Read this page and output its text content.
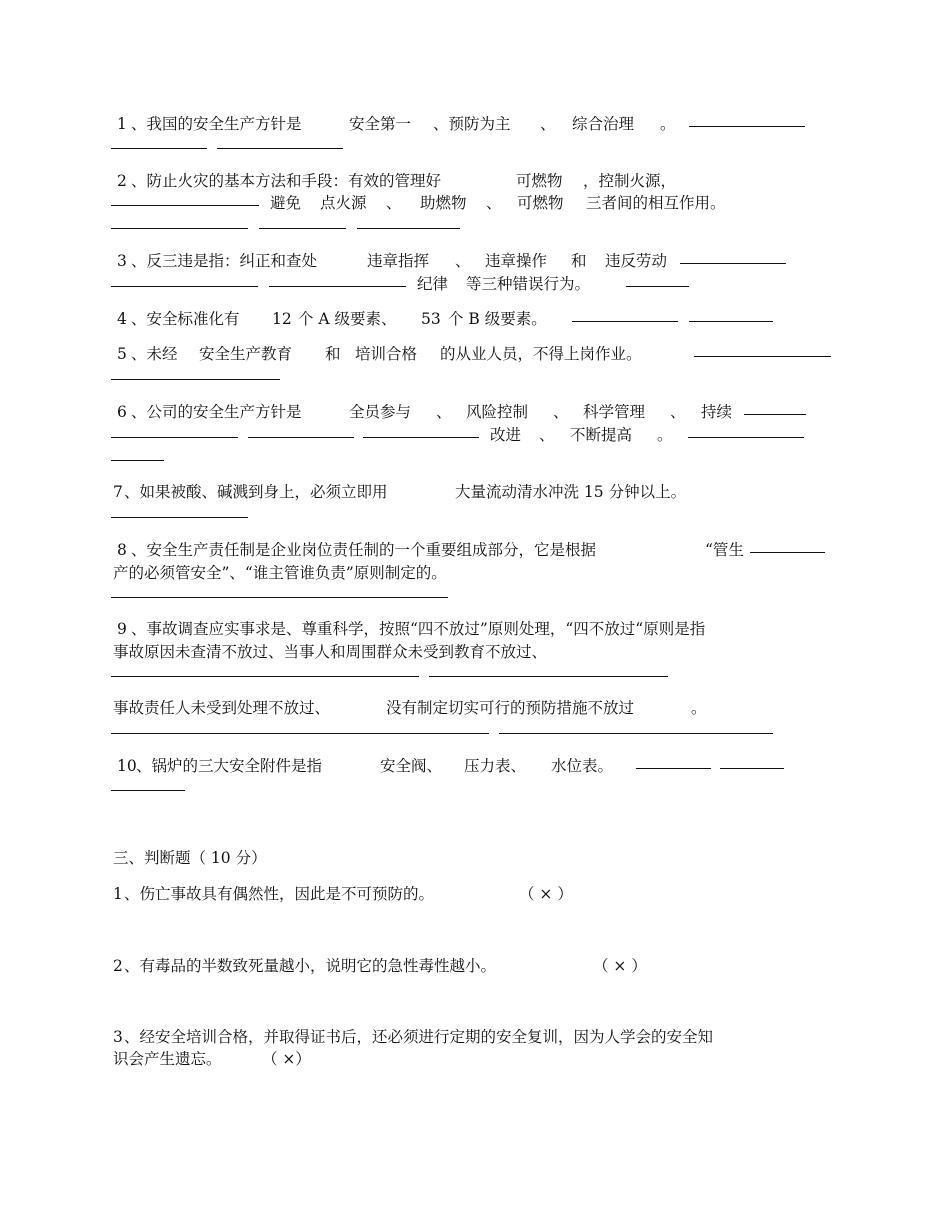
1 、我国的安全生产方针是	安全第一 、预防为主 、 综合治理 。
2 、防止火灾的基本方法和手段：有效的管理好	可燃物 ，控制火源，
避免 点火源 、 助燃物 、 可燃物 三者间的相互作用。
3 、反三违是指：纠正和查处	违章指挥 、 违章操作 和 违反劳动
纪律 等三种错误行为。
4 、安全标准化有 12 个 A 级要素、 53 个 B 级要素。
5 、未经 安全生产教育 和 培训合格 的从业人员，不得上岗作业。
6 、公司的安全生产方针是	全员参与 、 风险控制 、 科学管理 、 持续
改进 、 不断提高 。
7 、如果被酸、碱溅到身上，必须立即用	大量流动清水冲洗 15 分钟以上。
8 、安全生产责任制是企业岗位责任制的一个重要组成部分，它是根据	“管生
产的必须管安全”、“谁主管谁负责”原则制定的。
9 、事故调查应实事求是、尊重科学，按照“四不放过”原则处理，“四不放过“原则是指
事故原因未查清不放过、当事人和周围群众未受到教育不放过、
事故责任人未受到处理不放过、	没有制定切实可行的预防措施不放过	。
10 、锅炉的三大安全附件是指	安全阀、 压力表、 水位表。
三、判断题（ 10 分）
1 、伤亡事故具有偶然性，因此是不可预防的。	（ × ）
2 、有毒品的半数致死量越小，说明它的急性毒性越小。	（ × ）
3 、经安全培训合格，并取得证书后，还必须进行定期的安全复训，因为人学会的安全知
识会产生遗忘。	（ ×）
